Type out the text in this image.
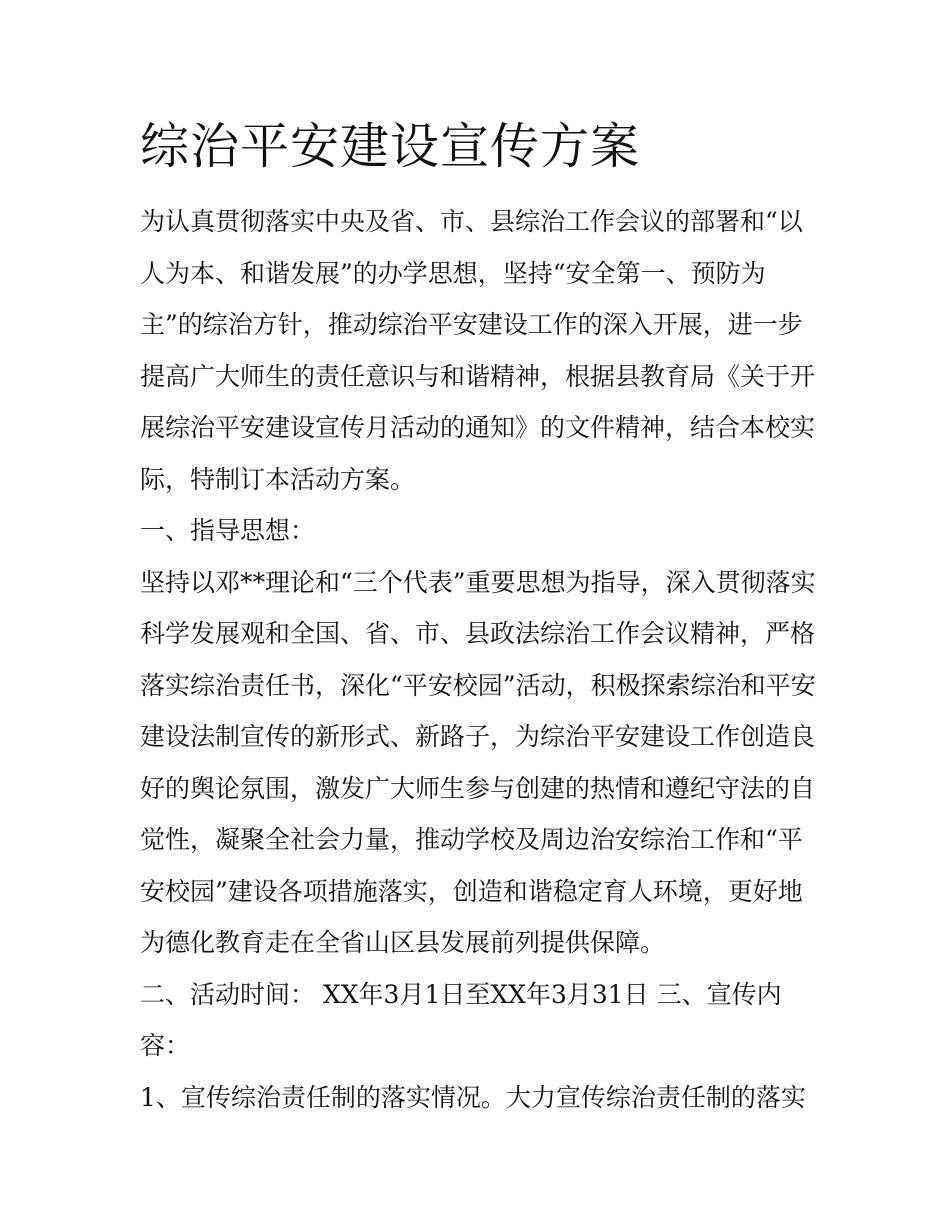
综治平安建设宣传方案
为认真贯彻落实中央及省、市、县综治工作会议的部署和“以
人为本、和谐发展”的办学思想，坚持“安全第一、预防为
主”的综治方针，推动综治平安建设工作的深入开展，进一步
提高广大师生的责任意识与和谐精神，根据县教育局《关于开
展综治平安建设宣传月活动的通知》的文件精神，结合本校实
际，特制订本活动方案。
一、指导思想：
坚持以邓**理论和“三个代表”重要思想为指导，深入贯彻落实
科学发展观和全国、省、市、县政法综治工作会议精神，严格
落实综治责任书，深化“平安校园”活动，积极探索综治和平安
建设法制宣传的新形式、新路子，为综治平安建设工作创造良
好的舆论氛围，激发广大师生参与创建的热情和遵纪守法的自
觉性，凝聚全社会力量，推动学校及周边治安综治工作和“平
安校园”建设各项措施落实，创造和谐稳定育人环境，更好地
为德化教育走在全省山区县发展前列提供保障。
二、活动时间： XX年3月1日至XX年3月31日 三、宣传内
容：
1、宣传综治责任制的落实情况。大力宣传综治责任制的落实
